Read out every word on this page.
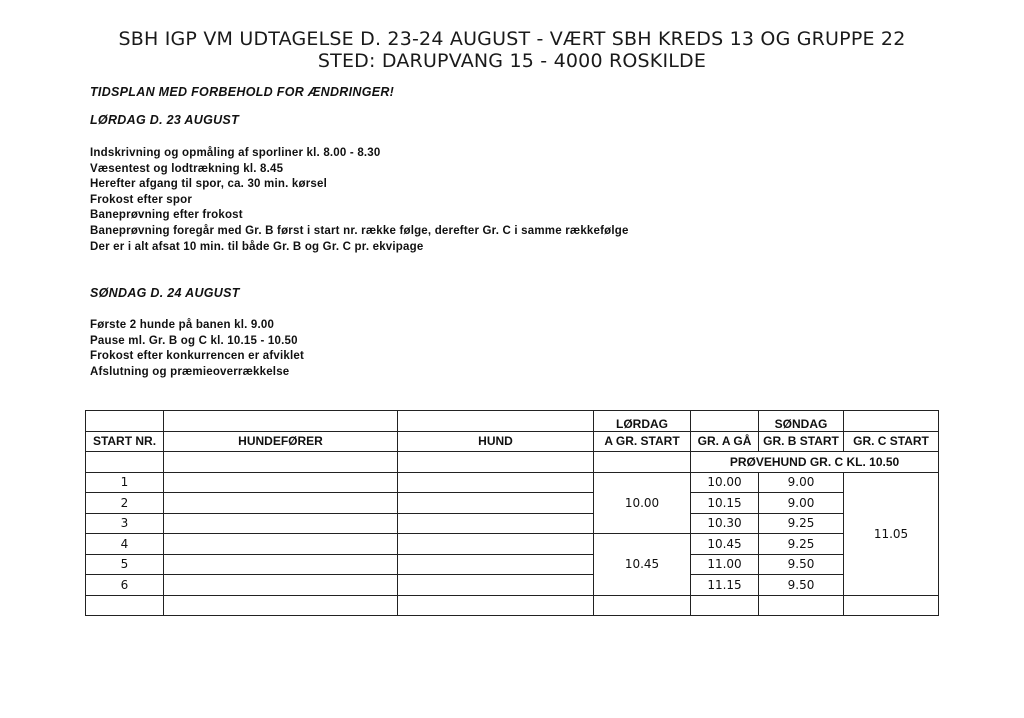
SBH IGP VM UDTAGELSE D. 23-24 AUGUST - VÆRT SBH KREDS 13 OG GRUPPE 22
STED: DARUPVANG 15 - 4000 ROSKILDE
TIDSPLAN MED FORBEHOLD FOR ÆNDRINGER!
LØRDAG D. 23 AUGUST
Indskrivning og opmåling af sporliner kl. 8.00 - 8.30
Væsentest og lodtrækning kl. 8.45
Herefter afgang til spor, ca. 30 min. kørsel
Frokost efter spor
Baneprøvning efter frokost
Baneprøvning foregår med Gr. B først i start nr. række følge, derefter Gr. C i samme rækkefølge
Der er i alt afsat 10 min. til både Gr. B og Gr. C pr. ekvipage
SØNDAG D. 24 AUGUST
Første 2 hunde på banen kl. 9.00
Pause ml. Gr. B og C kl. 10.15 - 10.50
Frokost efter konkurrencen er afviklet
Afslutning og præmieoverrækkelse
			LØRDAG		SØNDAG	
START NR.	HUNDEFØRER	HUND	A GR. START	GR. A GÅ	GR. B START	GR. C START
				PRØVEHUND GR. C KL. 10.50		
1			10.00	10.00	9.00	11.05
2				10.15	9.00	
3				10.30	9.25	
4			10.45	10.45	9.25	
5				11.00	9.50	
6				11.15	9.50	
